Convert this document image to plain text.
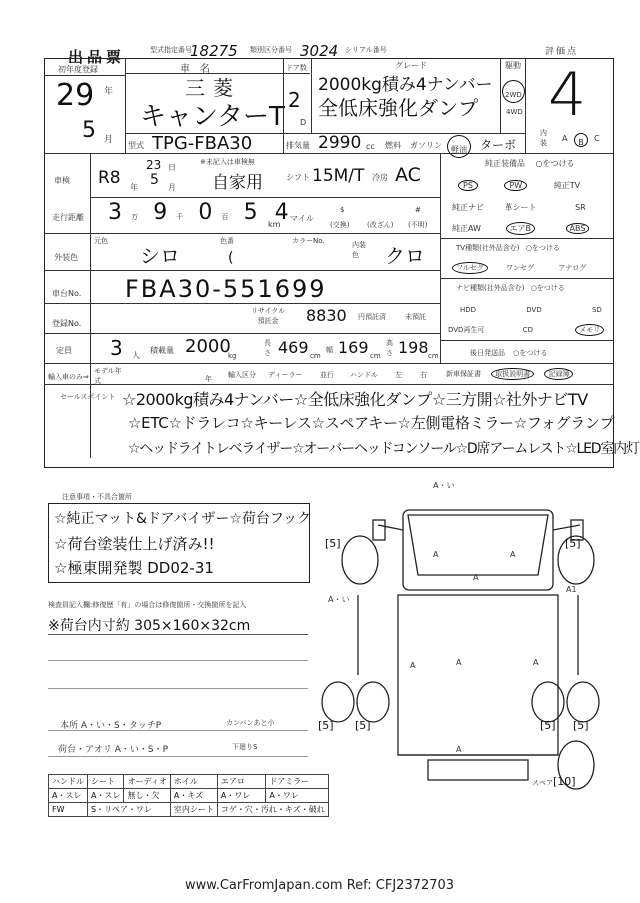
出品票	型式指定番号
18275 類別区分番号 3024 シリアル番号	評価点
4
初年度登録
29 年
5 月
車名
三菱
キャンターT
ドア数
2
D
グレード
2000kg積み4ナンバー
全低床強化ダンプ
駆動
2WD
4WD
型式 TPG-FBA30	排気量 2990 cc 燃料 ガソリン	軽油	ターボ
内装	A	B	C
車検 R8 年
23 日
5 月
※未記入は車検無
自家用	シフト 15M/T 冷房 AC
走行距離 3 万 9 千 0 百 5 4
km
マイル
$
(交換)	(改ざん)
#
(不明)
外装色
元色
シロ
色番
(
カラーNo.	内装色	クロ
車台No. FBA30-551699
登録No.
リサイクル預託金	8830 円預託済	未預託
定員 3 人
積載量 2000
kg
長さ 469 cm
幅 169 cm
高さ 198 cm
輸入車のみ⇒
モデル年式	年 輸入区分 ディーラー	並行 ハンドル 左	右
純正装備品 ○をつける
PS	PW	純正TV
純正ナビ	革シート	SR
純正AW	エアB	ABS
TV種類(社外品含む) ○をつける
フルセグ	ワンセグ	アナログ
ナビ種類(社外品含む) ○をつける
HDD	DVD	SD
DVD再生可	CD	メモリ
後日発送品 ○をつける
新車保証書 取扱説明書	記録簿
セールスポイント ☆2000kg積み4ナンバー☆全低床強化ダンプ☆三方開☆社外ナビTV
☆ETC☆ドラレコ☆キーレス☆スペアキー☆左側電格ミラー☆フォグランプ
☆ヘッドライトレベライザー☆オーバーヘッドコンソール☆D席アームレスト☆LED室内灯
注意事項・不具合箇所
☆純正マット&ドアバイザー☆荷台フック
☆荷台塗装仕上げ済み!!
☆極東開発製 DD02-31
検査員記入欄:修復歴「有」の場合は修復箇所・交換箇所を記入
※荷台内寸約 305×160×32cm
本所 A・い・S・タッチP	カンバンあと小
荷台・アオリ A・い・S・P	下廻りS
A・い
A・い
A1
A	A
A
A	A	A
A
[5]	[5]
[5] [5]	[5] [5]
スペア[10]
ハンドル	シート	オーディオ	ホイル	エアロ	ドアミラー
A・スレ	A・スレ	無し・欠	A・キズ	A・ワレ	A・ワレ
FW	S・リペア・ワレ		室内シート	コゲ・穴・汚れ・キズ・破れ	
www.CarFromJapan.com Ref: CFJ2372703
